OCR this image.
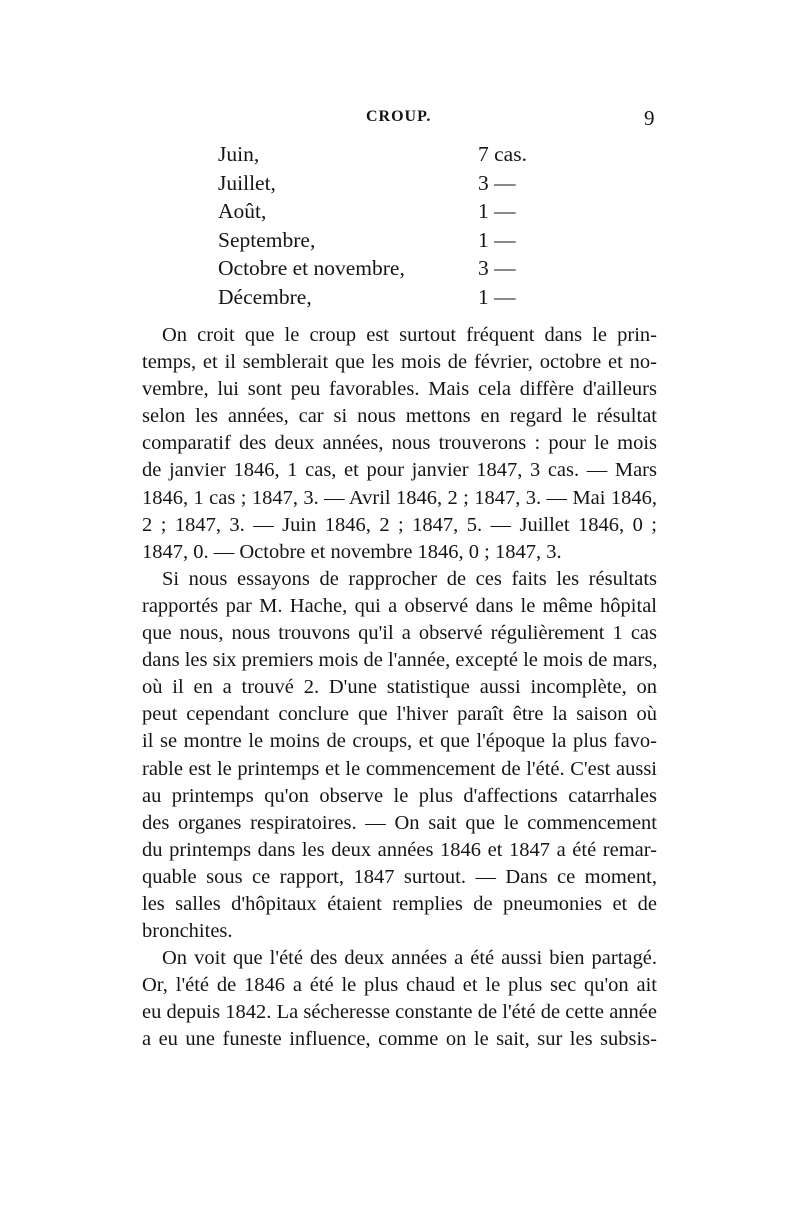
CROUP.	9
Juin,	7 cas.
Juillet,	3 —
Août,	1 —
Septembre,	1 —
Octobre et novembre,	3 —
Décembre,	1 —
On croit que le croup est surtout fréquent dans le prin-
temps, et il semblerait que les mois de février, octobre et no-
vembre, lui sont peu favorables. Mais cela diffère d'ailleurs
selon les années, car si nous mettons en regard le résultat
comparatif des deux années, nous trouverons : pour le mois
de janvier 1846, 1 cas, et pour janvier 1847, 3 cas. — Mars
1846, 1 cas ; 1847, 3. — Avril 1846, 2 ; 1847, 3. — Mai 1846,
2 ; 1847, 3. — Juin 1846, 2 ; 1847, 5. — Juillet 1846, 0 ;
1847, 0. — Octobre et novembre 1846, 0 ; 1847, 3.
Si nous essayons de rapprocher de ces faits les résultats
rapportés par M. Hache, qui a observé dans le même hôpital
que nous, nous trouvons qu'il a observé régulièrement 1 cas
dans les six premiers mois de l'année, excepté le mois de mars,
où il en a trouvé 2. D'une statistique aussi incomplète, on
peut cependant conclure que l'hiver paraît être la saison où
il se montre le moins de croups, et que l'époque la plus favo-
rable est le printemps et le commencement de l'été. C'est aussi
au printemps qu'on observe le plus d'affections catarrhales
des organes respiratoires. — On sait que le commencement
du printemps dans les deux années 1846 et 1847 a été remar-
quable sous ce rapport, 1847 surtout. — Dans ce moment,
les salles d'hôpitaux étaient remplies de pneumonies et de
bronchites.
On voit que l'été des deux années a été aussi bien partagé.
Or, l'été de 1846 a été le plus chaud et le plus sec qu'on ait
eu depuis 1842. La sécheresse constante de l'été de cette année
a eu une funeste influence, comme on le sait, sur les subsis-
